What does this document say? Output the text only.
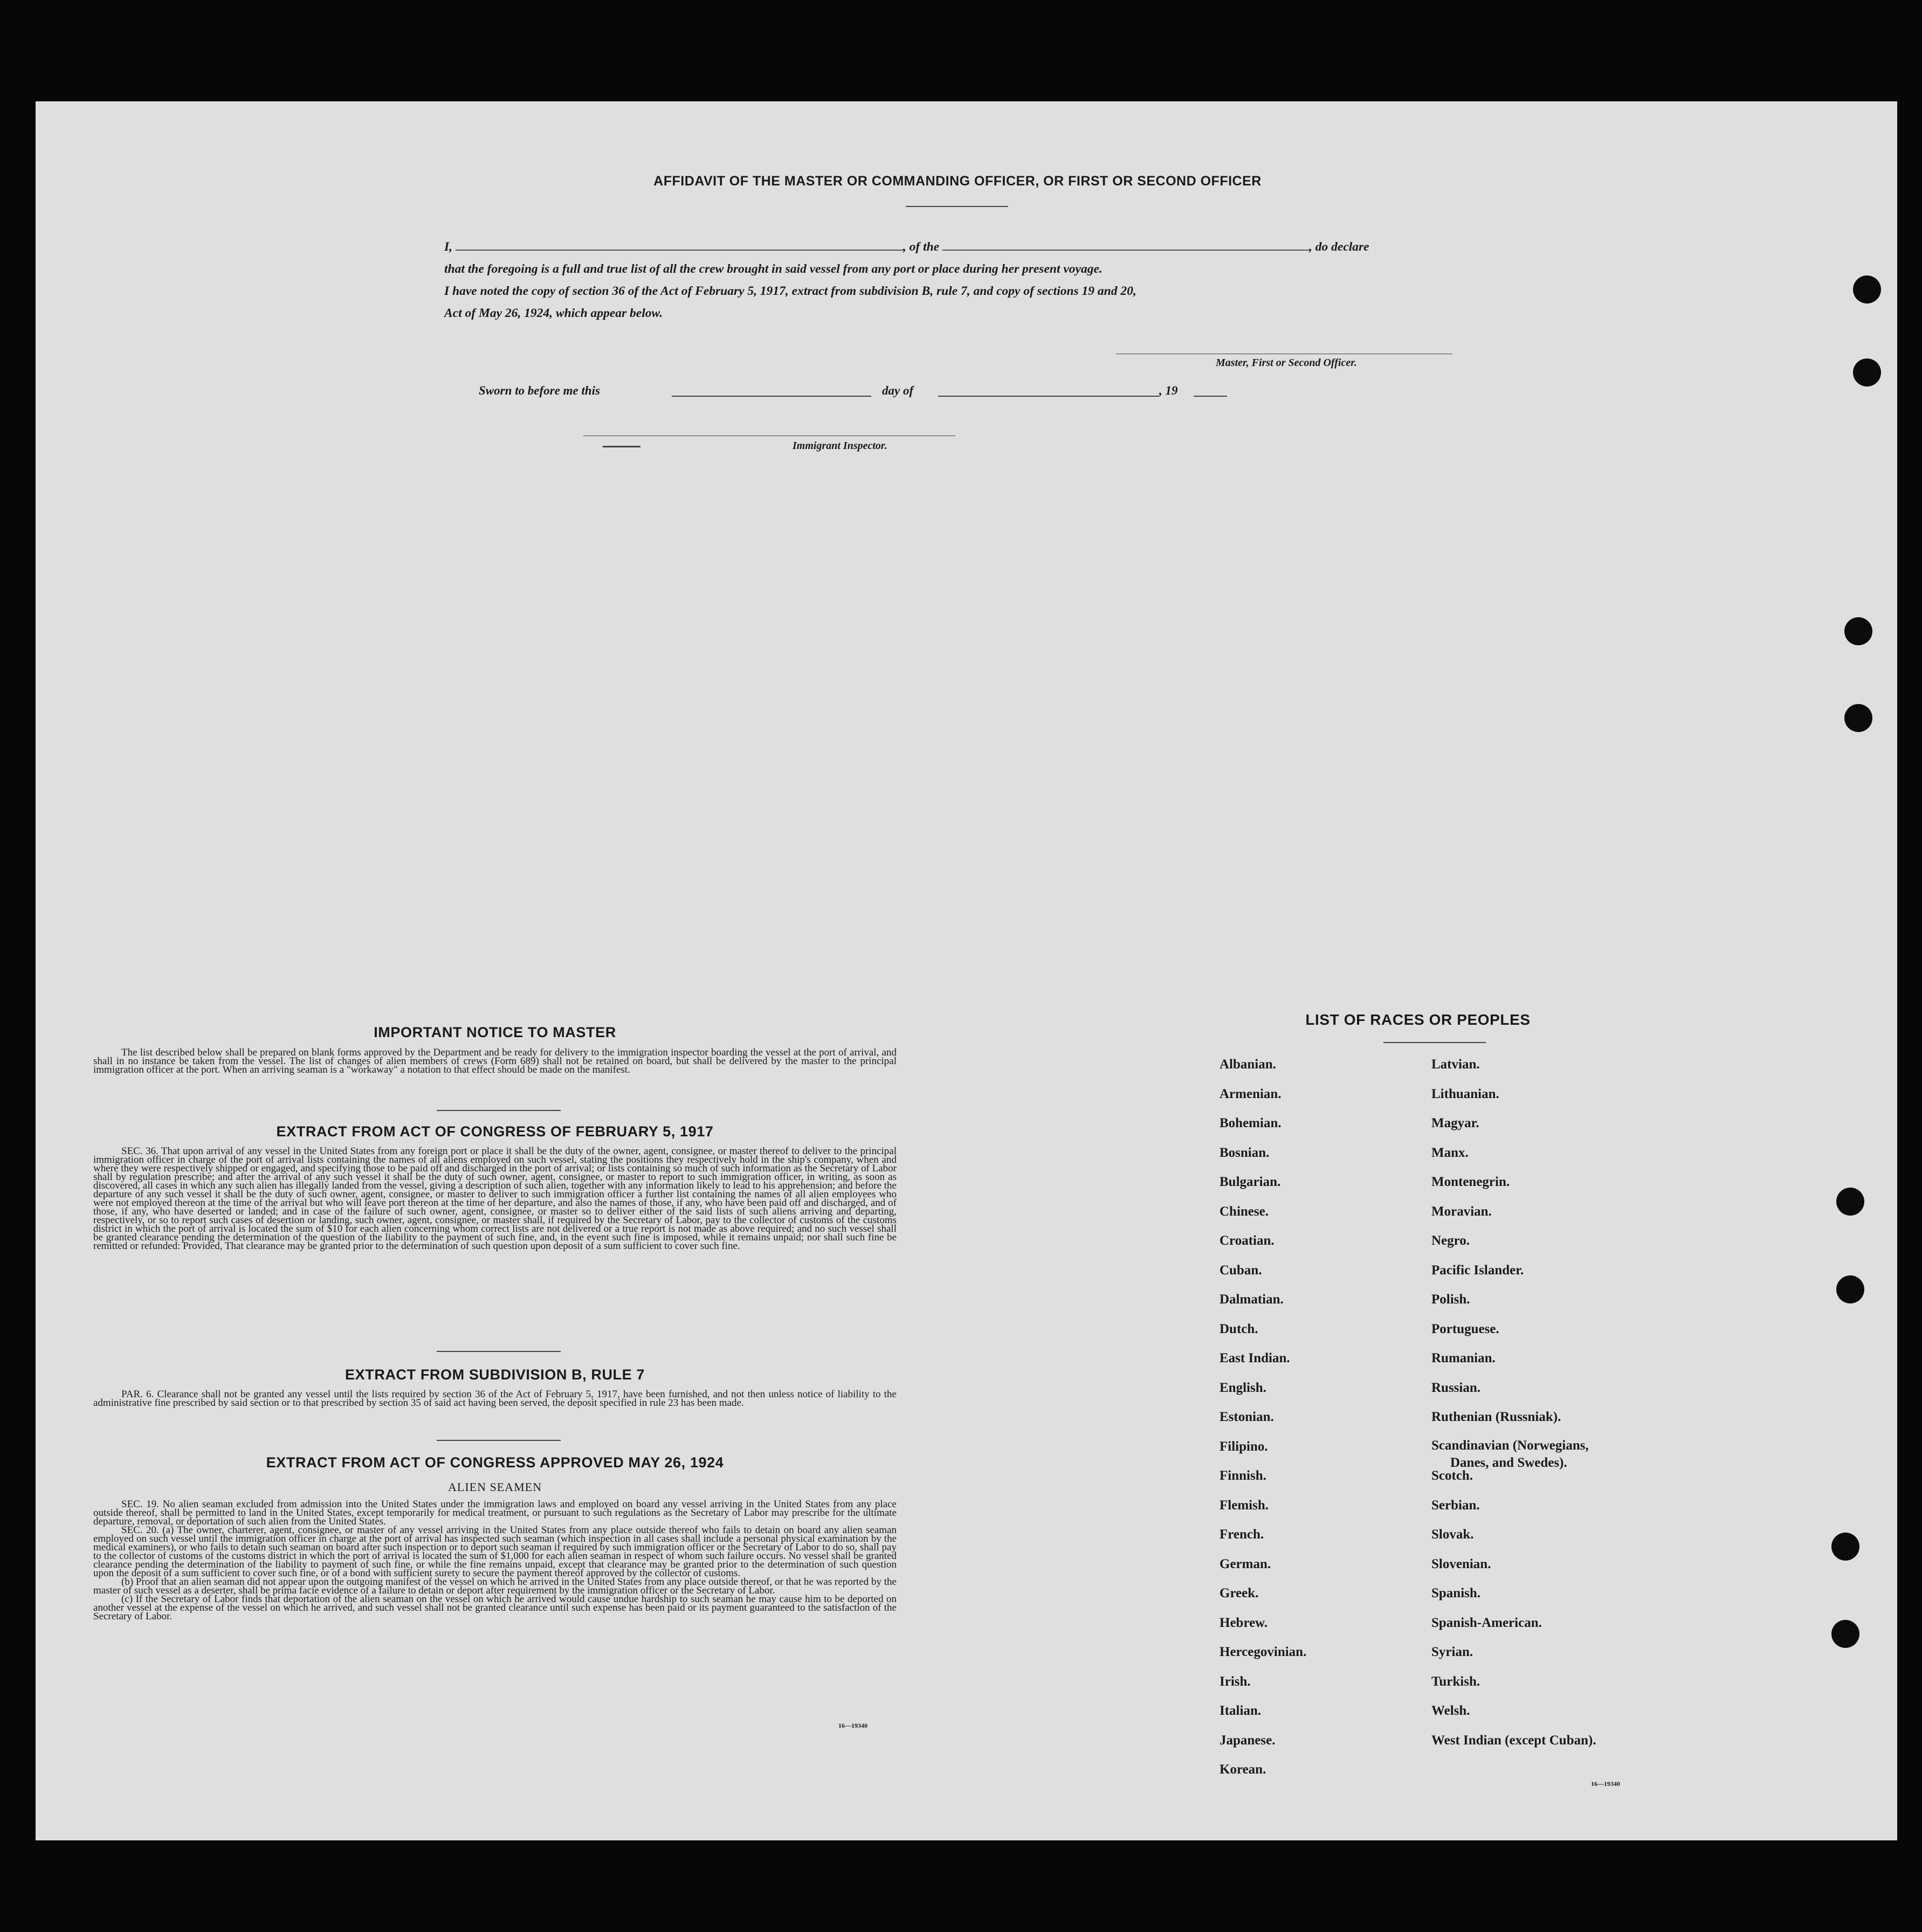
AFFIDAVIT OF THE MASTER OR COMMANDING OFFICER, OR FIRST OR SECOND OFFICER
I,	, of the	, do declare
that the foregoing is a full and true list of all the crew brought in said vessel from any port or place during her present voyage.
I have noted the copy of section 36 of the Act of February 5, 1917, extract from subdivision B, rule 7, and copy of sections 19 and 20,
Act of May 26, 1924, which appear below.
Master, First or Second Officer.
Sworn to before me this	day of	, 19
Immigrant Inspector.
IMPORTANT NOTICE TO MASTER
The list described below shall be prepared on blank forms approved by the Department and be ready for delivery to the immigration inspector boarding the vessel at the port of arrival, and shall in no instance be taken from the vessel. The list of changes of alien members of crews (Form 689) shall not be retained on board, but shall be delivered by the master to the principal immigration officer at the port. When an arriving seaman is a "workaway" a notation to that effect should be made on the manifest.
EXTRACT FROM ACT OF CONGRESS OF FEBRUARY 5, 1917
SEC. 36. That upon arrival of any vessel in the United States from any foreign port or place it shall be the duty of the owner, agent, consignee, or master thereof to deliver to the principal immigration officer in charge of the port of arrival lists containing the names of all aliens employed on such vessel, stating the positions they respectively hold in the ship's company, when and where they were respectively shipped or engaged, and specifying those to be paid off and discharged in the port of arrival; or lists containing so much of such information as the Secretary of Labor shall by regulation prescribe; and after the arrival of any such vessel it shall be the duty of such owner, agent, consignee, or master to report to such immigration officer, in writing, as soon as discovered, all cases in which any such alien has illegally landed from the vessel, giving a description of such alien, together with any information likely to lead to his apprehension; and before the departure of any such vessel it shall be the duty of such owner, agent, consignee, or master to deliver to such immigration officer a further list containing the names of all alien employees who were not employed thereon at the time of the arrival but who will leave port thereon at the time of her departure, and also the names of those, if any, who have been paid off and discharged, and of those, if any, who have deserted or landed; and in case of the failure of such owner, agent, consignee, or master so to deliver either of the said lists of such aliens arriving and departing, respectively, or so to report such cases of desertion or landing, such owner, agent, consignee, or master shall, if required by the Secretary of Labor, pay to the collector of customs of the customs district in which the port of arrival is located the sum of $10 for each alien concerning whom correct lists are not delivered or a true report is not made as above required; and no such vessel shall be granted clearance pending the determination of the question of the liability to the payment of such fine, and, in the event such fine is imposed, while it remains unpaid; nor shall such fine be remitted or refunded: Provided, That clearance may be granted prior to the determination of such question upon deposit of a sum sufficient to cover such fine.
EXTRACT FROM SUBDIVISION B, RULE 7
PAR. 6. Clearance shall not be granted any vessel until the lists required by section 36 of the Act of February 5, 1917, have been furnished, and not then unless notice of liability to the administrative fine prescribed by said section or to that prescribed by section 35 of said act having been served, the deposit specified in rule 23 has been made.
EXTRACT FROM ACT OF CONGRESS APPROVED MAY 26, 1924
ALIEN SEAMEN

SEC. 19. No alien seaman excluded from admission into the United States under the immigration laws and employed on board any vessel arriving in the United States from any place outside thereof, shall be permitted to land in the United States, except temporarily for medical treatment, or pursuant to such regulations as the Secretary of Labor may prescribe for the ultimate departure, removal, or deportation of such alien from the United States.

SEC. 20. (a) The owner, charterer, agent, consignee, or master of any vessel arriving in the United States from any place outside thereof who fails to detain on board any alien seaman employed on such vessel until the immigration officer in charge at the port of arrival has inspected such seaman (which inspection in all cases shall include a personal physical examination by the medical examiners), or who fails to detain such seaman on board after such inspection or to deport such seaman if required by such immigration officer or the Secretary of Labor to do so, shall pay to the collector of customs of the customs district in which the port of arrival is located the sum of $1,000 for each alien seaman in respect of whom such failure occurs. No vessel shall be granted clearance pending the determination of the liability to payment of such fine, or while the fine remains unpaid, except that clearance may be granted prior to the determination of such question upon the deposit of a sum sufficient to cover such fine, or of a bond with sufficient surety to secure the payment thereof approved by the collector of customs.

(b) Proof that an alien seaman did not appear upon the outgoing manifest of the vessel on which he arrived in the United States from any place outside thereof, or that he was reported by the master of such vessel as a deserter, shall be prima facie evidence of a failure to detain or deport after requirement by the immigration officer or the Secretary of Labor.

(c) If the Secretary of Labor finds that deportation of the alien seaman on the vessel on which he arrived would cause undue hardship to such seaman he may cause him to be deported on another vessel at the expense of the vessel on which he arrived, and such vessel shall not be granted clearance until such expense has been paid or its payment guaranteed to the satisfaction of the Secretary of Labor.

16—19340
LIST OF RACES OR PEOPLES
Albanian.
Armenian.
Bohemian.
Bosnian.
Bulgarian.
Chinese.
Croatian.
Cuban.
Dalmatian.
Dutch.
East Indian.
English.
Estonian.
Filipino.
Finnish.
Flemish.
French.
German.
Greek.
Hebrew.
Hercegovinian.
Irish.
Italian.
Japanese.
Korean.
Latvian.
Lithuanian.
Magyar.
Manx.
Montenegrin.
Moravian.
Negro.
Pacific Islander.
Polish.
Portuguese.
Rumanian.
Russian.
Ruthenian (Russniak).
Scandinavian (Norwegians,
Danes, and Swedes).
Scotch.
Serbian.
Slovak.
Slovenian.
Spanish.
Spanish-American.
Syrian.
Turkish.
Welsh.
West Indian (except Cuban).
16—19340
